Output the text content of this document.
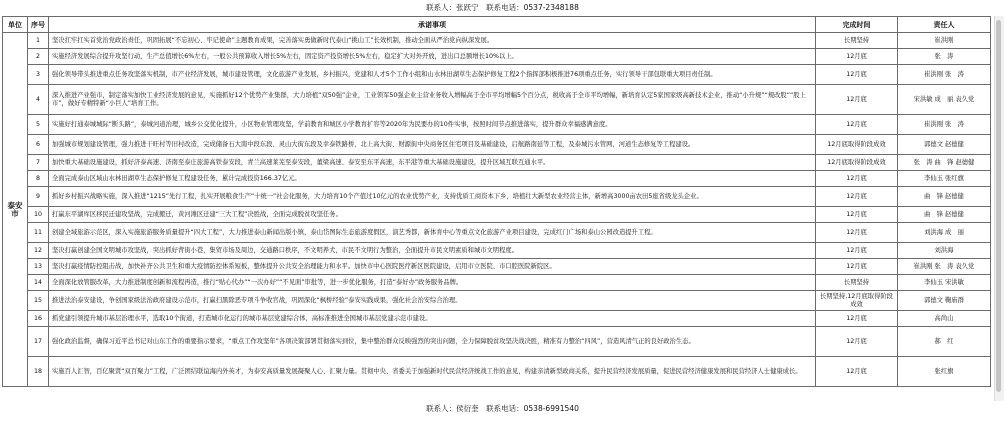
联系人：张跃宁　联系电话：0537-2348188
单位	序号	承诺事项	完成时间	责任人
泰安市	1	坚决扛牢扛实首党治党政治责任，巩固拓展“不忘初心、牢记使命”主题教育成果，完善落实勇做新时代泰山“挑山工”长效机制，推动全面从严治党向纵深发展。	长期坚持	崔洪刚
	2	实施经济发展综合提升攻坚行动，生产总值增长6%左右，一般公共预算收入增长5%左右，固定资产投资增长5%左右，稳定扩大对外开放，进出口总额增长10%以上。	12月底	张　涛
	3	强化领导带头推进重点任务攻坚落实机制，市产业经济发展，城市建设管理，文化旅游产业发展，乡村振兴，党建和人才5个工作小组和山水林田湖草生态保护修复工程2个指挥部积极推进76项重点任务，实行领导干部包联重大项目责任制。	12月底	崔洪刚 张　涛
	4	深入推进产业强市，制定落实加快工业经济发展的意见，实施抓好12个优势产业集群，大力培植“双50强”企业，工业领军50强企业主营业务收入增幅高于全市平均增幅5个百分点，税收高于全市平均增幅，新培育认定5家国家级高新技术企业，推动“小升规”“规改股”“股上市”，做好专精特新“小巨人”培育工作。	12月底	宋洪敏 成　丽 袁久党
	5	实施好打通泰城城际“断头路”，泰城河道治理，城乡公交优化提升，小区物业管理攻坚，学前教育和城区小学教育扩容等2020年为民要办的10件实事，按照时间节点推进落实，提升群众幸福感满意度。	12月底	崔洪刚 张　涛
	6	加强城市规划建设管理，强力推进干旺村等旧村改造，完成储备石大南中段东段、灵山大街东段及幸泰铁路桥，北上高大街、财源街中央商务区住宅项目及基础建设，启航路南延等工程，及泰城污水管网，河道生态修复等工程建设。	12月底取得阶段成效	郭德文 赵德健
	7	加快重大基础设施建设，抓好济泰高速、济南至泰庄旅游高铁泰安段，青兰高速莱芜至泰安段，董梁高速、泰安至东平高速，东平港等重大基础设施建设，提升区域互联互通水平。	12月底取得阶段成效	张　涛 曲　锋 赵德健
	8	全面完成泰山区域山水林田湖草生态保护修复工程建设任务，累计完成投资166.37亿元。	12月底	李仙玉 张红旗
	9	抓好乡村振兴战略实施，深入推进“1215”先行工程，扎实开展粮食生产“十统一”社会化服务，大力培育10个产值过10亿元的农业优势产业，支持优质工商资本下乡，培植壮大新型农业经营主体，新增高3000亩农田5座省级龙头企业。	12月底	曲　锋 赵德健
	10	打赢东平湖库区移民迁建攻坚战，完成搬迁，黄河滩区迁建“三大工程”决胜战，全面完成脱贫攻坚任务。	12月底	曲　锋 赵德健
	11	创建全域旅游示范区，深入实施旅游服务质量提升“四大工程”，大力推进泰山新闻出版小镇，泰山岱图际生态旅游度假区，演艺秀都，新体育中心等重点文化旅游产业项目建设，完成红门广场和泰山公园改造提升工程。	12月底	刘洪海 成　丽
	12	坚决打赢创建全国文明城市攻坚战，突出抓好背街小巷，集贸市场及周边，交通路口秩序，不文明养犬，市民不文明行为整治，全面提升市民文明素质和城市文明程度。	12月底	刘洪海
	13	坚决打赢疫情防控阻击战，加快补齐公共卫生和重大疫情防控体系短板，整体提升公共安全治理能力和水平。加快市中心医院医疗新区医院建设，启用市立医院、市口腔医院新院区。	12月底	崔洪刚 张　涛 袁久党
	14	全面深化放管服改革，大力推进制度创新和流程再造，推行“贴心代办”“一次办好”“不见面”审批等，进一步优化服务，打造“泰好办”政务服务品牌。	长期坚持	李仙玉 宋洪敏
	15	推进法治泰安建设，争创国家级法治政府建设示范市，打赢扫黑除恶专项斗争收官战，巩固深化“枫桥经验”泰安实践成果，强化社会治安综合治理。	长期坚持,12月底取得阶段成效	郭德文 鞠庙群
	16	抓党建引领提升城市基层治理水平，选取10个街道，打造城市化运行的城市基层党建综合体，高标准推进全国城市基层党建示范市建设。	12月底	高尚山
	17	强化政治监督，确保习近平总书记对山东工作的重要指示要求，“重点工作攻坚年”各项决策部署贯彻落实到位，集中整治群众反映强烈的突出问题，全力保障脱贫攻坚决战决胜，精准有力整治“四风”，营造风清气正的良好政治生态。	12月底	郝　红
	18	实施百人汇智，百亿聚贤“双百聚力”工程，广泛团结联谊海内外英才，为泰安高质量发展凝聚人心、汇聚力量。贯彻中央、省委关于加强新时代民营经济统战工作的意见，构建亲清新型政商关系，提升民营经济发展质量，促进民营经济健康发展和民营经济人士健康成长。	12月底	张红旗
联系人：侯衍奎　联系电话：0538-6991540
